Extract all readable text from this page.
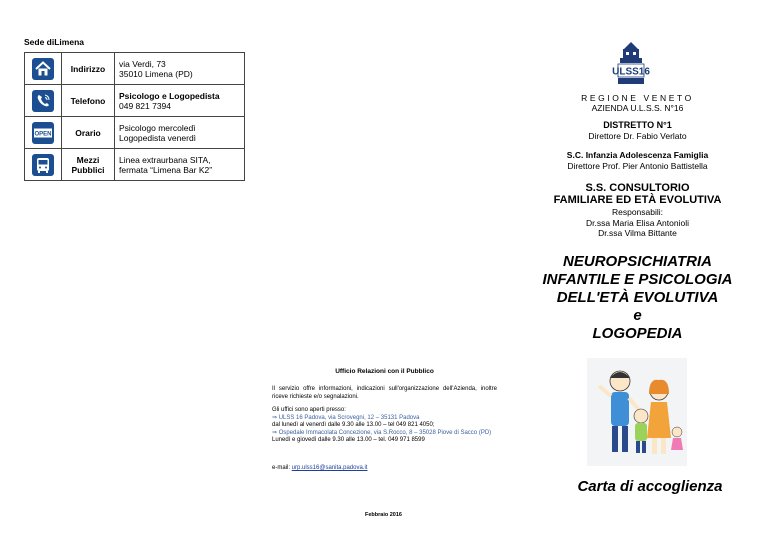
Sede diLimena
	Indirizzo	via Verdi, 73
35010 Limena (PD)

	Telefono	Psicologo e Logopedista
049 821 7394

OPEN	Orario	Psicologo mercoledì
Logopedista venerdì

	Mezzi
Pubblici	Linea extraurbana SITA,
fermata “Limena Bar K2”
ULSS16
REGIONE VENETO
AZIENDA U.L.S.S. N°16
DISTRETTO N°1
Direttore Dr. Fabio Verlato
S.C. Infanzia Adolescenza Famiglia
Direttore Prof. Pier Antonio Battistella
S.S. CONSULTORIO
FAMILIARE ED ETÀ EVOLUTIVA
Responsabili:
Dr.ssa Maria Elisa Antonioli
Dr.ssa Vilma Bittante
NEUROPSICHIATRIA
INFANTILE E PSICOLOGIA
DELL'ETÀ EVOLUTIVA
e
LOGOPEDIA
Ufficio Relazioni con il Pubblico
Il servizio offre informazioni, indicazioni sull'organizzazione dell'Azienda, inoltre riceve richieste e/o segnalazioni.
Gli uffici sono aperti presso:
⇒ ULSS 16 Padova, via Scrovegni, 12 – 35131 Padova
dal lunedì al venerdì dalle 9.30 alle 13.00 – tel 049 821 4050;
⇒ Ospedale Immacolata Concezione, via S.Rocco, 8 – 35028 Piove di Sacco (PD)
Lunedì e giovedì dalle 9.30 alle 13.00 – tel. 049 971 8599
e-mail: urp.ulss16@sanita.padova.it
Carta di accoglienza
Febbraio 2016
